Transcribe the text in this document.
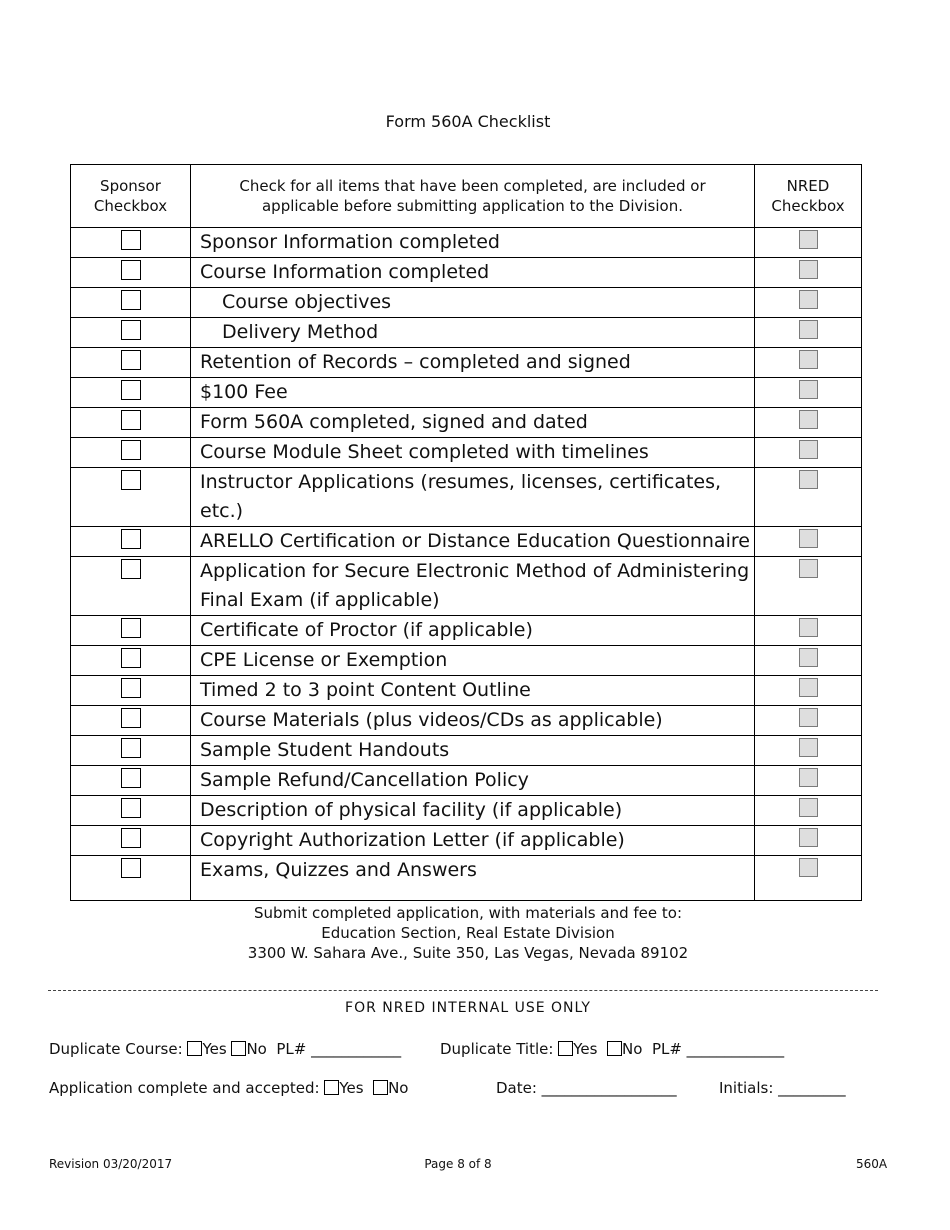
Form 560A Checklist
Sponsor Checkbox	Check for all items that have been completed, are included or applicable before submitting application to the Division.	NRED Checkbox

	Sponsor Information completed	

	Course Information completed	

	Course objectives	

	Delivery Method	

	Retention of Records – completed and signed	

	$100 Fee	

	Form 560A completed, signed and dated	

	Course Module Sheet completed with timelines	

	Instructor Applications (resumes, licenses, certificates, etc.)	

	ARELLO Certification or Distance Education Questionnaire	

	Application for Secure Electronic Method of Administering Final Exam (if applicable)	

	Certificate of Proctor (if applicable)	

	CPE License or Exemption	

	Timed 2 to 3 point Content Outline	

	Course Materials (plus videos/CDs as applicable)	

	Sample Student Handouts	

	Sample Refund/Cancellation Policy	

	Description of physical facility (if applicable)	

	Copyright Authorization Letter (if applicable)	

	Exams, Quizzes and Answers	
Submit completed application, with materials and fee to:
Education Section, Real Estate Division
3300 W. Sahara Ave., Suite 350, Las Vegas, Nevada 89102
FOR NRED INTERNAL USE ONLY
Duplicate Course: Yes No PL# ____________	Duplicate Title: Yes No PL# _____________
Application complete and accepted: Yes No	Date: __________________	Initials: _________
Revision 03/20/2017	Page 8 of 8	560A
